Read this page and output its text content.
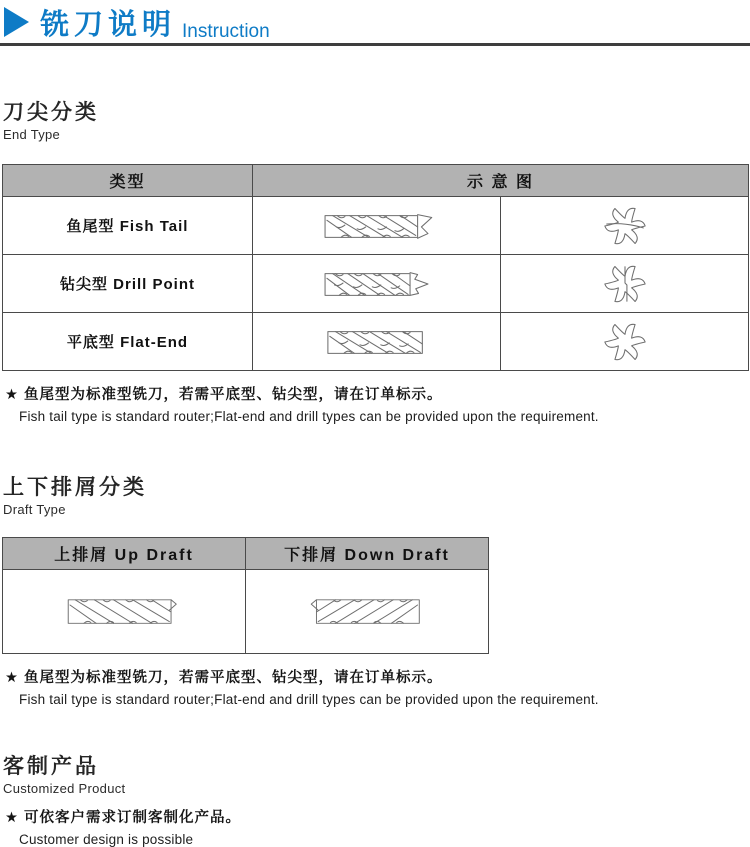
铣刀说明 Instruction
刀尖分类
End Type
类型	示 意 图	
鱼尾型 Fish Tail	

钻尖型 Drill Point	

平底型 Flat-End	

★ 鱼尾型为标准型铣刀，若需平底型、钻尖型，请在订单标示。
Fish tail type is standard router;Flat-end and drill types can be provided upon the requirement.
上下排屑分类
Draft Type
上排屑 Up Draft	下排屑 Down Draft

★ 鱼尾型为标准型铣刀，若需平底型、钻尖型，请在订单标示。
Fish tail type is standard router;Flat-end and drill types can be provided upon the requirement.
客制产品
Customized Product
★ 可依客户需求订制客制化产品。
Customer design is possible
